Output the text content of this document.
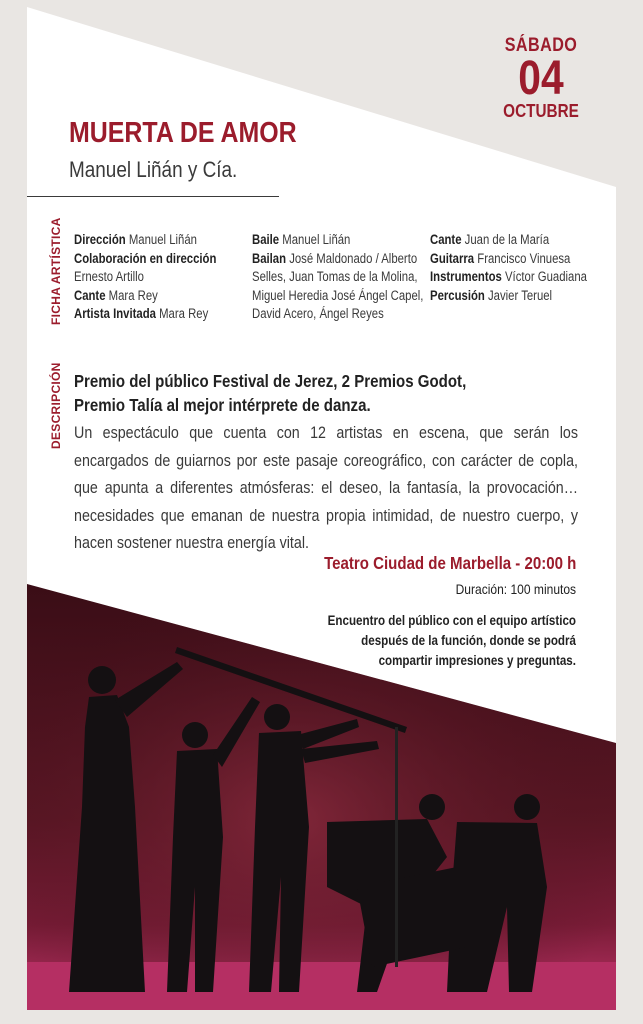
SÁBADO
04
OCTUBRE
MUERTA DE AMOR
Manuel Liñán y Cía.
FICHA ARTÍSTICA
DESCRIPCIÓN
Dirección Manuel Liñán
Colaboración en dirección
Ernesto Artillo
Cante Mara Rey
Artista Invitada Mara Rey
Baile Manuel Liñán
Bailan José Maldonado / Alberto
Selles, Juan Tomas de la Molina,
Miguel Heredia José Ángel Capel,
David Acero, Ángel Reyes
Cante Juan de la María
Guitarra Francisco Vinuesa
Instrumentos Víctor Guadiana
Percusión Javier Teruel
Premio del público Festival de Jerez, 2 Premios Godot,
Premio Talía al mejor intérprete de danza.
Un espectáculo que cuenta con 12 artistas en escena, que serán los encargados de guiarnos por este pasaje coreográfico, con carácter de copla, que apunta a diferentes atmósferas: el deseo, la fantasía, la provocación… necesidades que emanan de nuestra propia intimidad, de nuestro cuerpo, y hacen sostener nuestra energía vital.
Teatro Ciudad de Marbella - 20:00 h
Duración: 100 minutos
Encuentro del público con el equipo artístico
después de la función, donde se podrá
compartir impresiones y preguntas.
